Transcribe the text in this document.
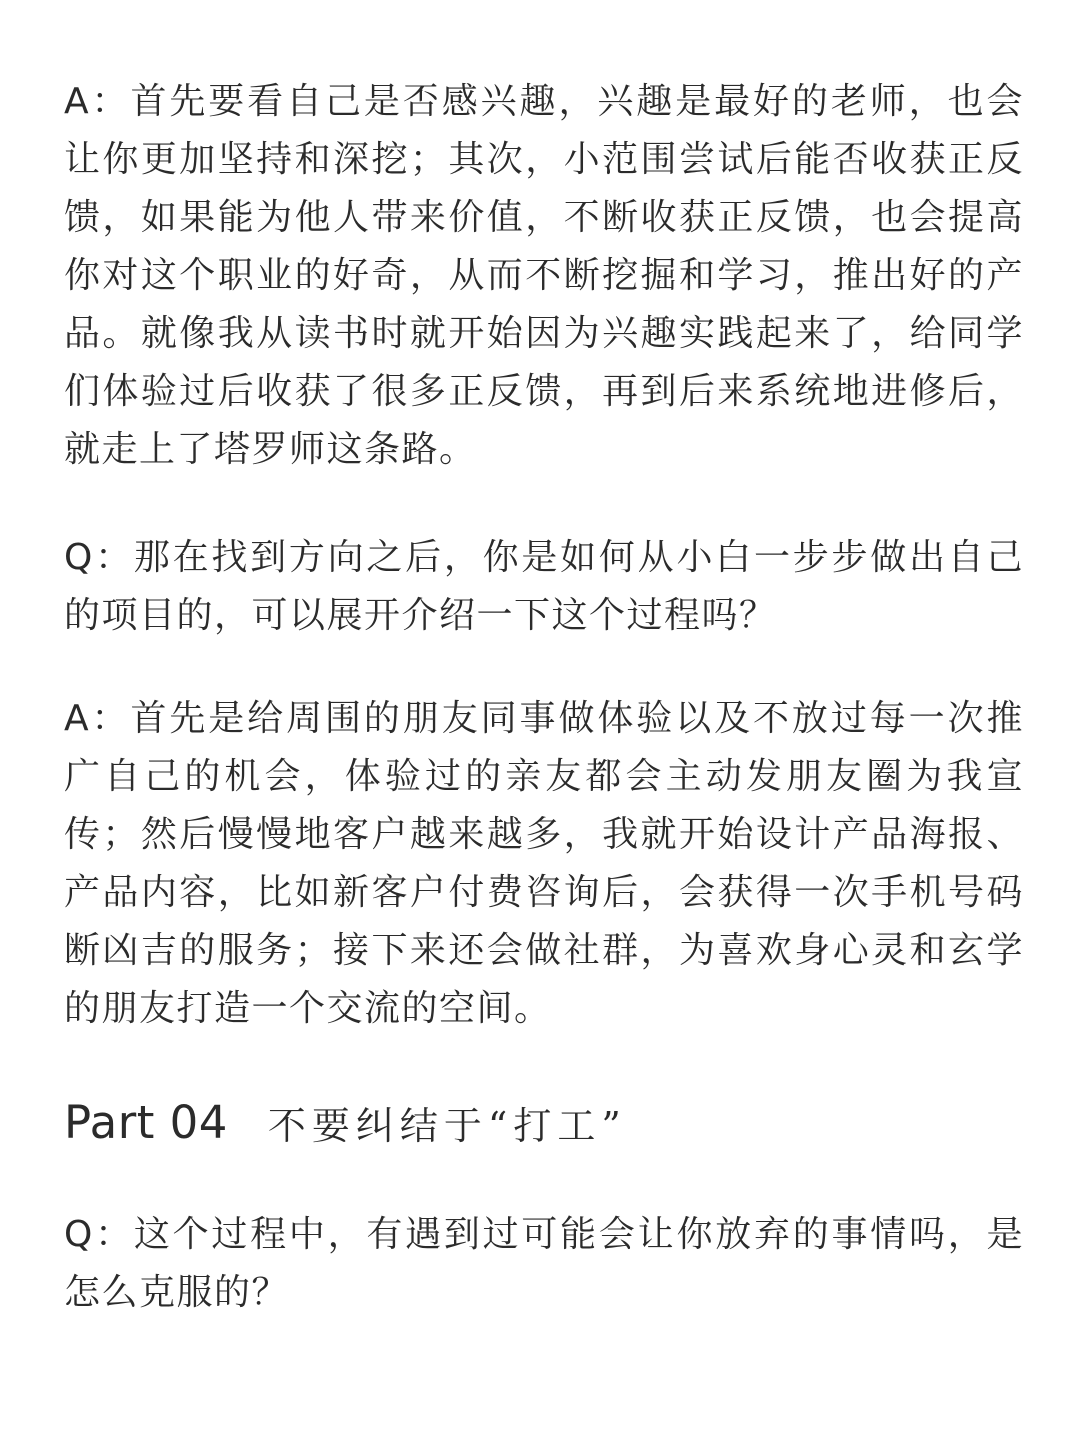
A：首先要看自己是否感兴趣，兴趣是最好的老师，也会让你更加坚持和深挖；其次，小范围尝试后能否收获正反馈，如果能为他人带来价值，不断收获正反馈，也会提高你对这个职业的好奇，从而不断挖掘和学习，推出好的产品。就像我从读书时就开始因为兴趣实践起来了，给同学们体验过后收获了很多正反馈，再到后来系统地进修后，就走上了塔罗师这条路。

Q：那在找到方向之后，你是如何从小白一步步做出自己的项目的，可以展开介绍一下这个过程吗？

A：首先是给周围的朋友同事做体验以及不放过每一次推广自己的机会，体验过的亲友都会主动发朋友圈为我宣传；然后慢慢地客户越来越多，我就开始设计产品海报、产品内容，比如新客户付费咨询后，会获得一次手机号码断凶吉的服务；接下来还会做社群，为喜欢身心灵和玄学的朋友打造一个交流的空间。

Part 04 不要纠结于“打工”

Q：这个过程中，有遇到过可能会让你放弃的事情吗，是怎么克服的？
